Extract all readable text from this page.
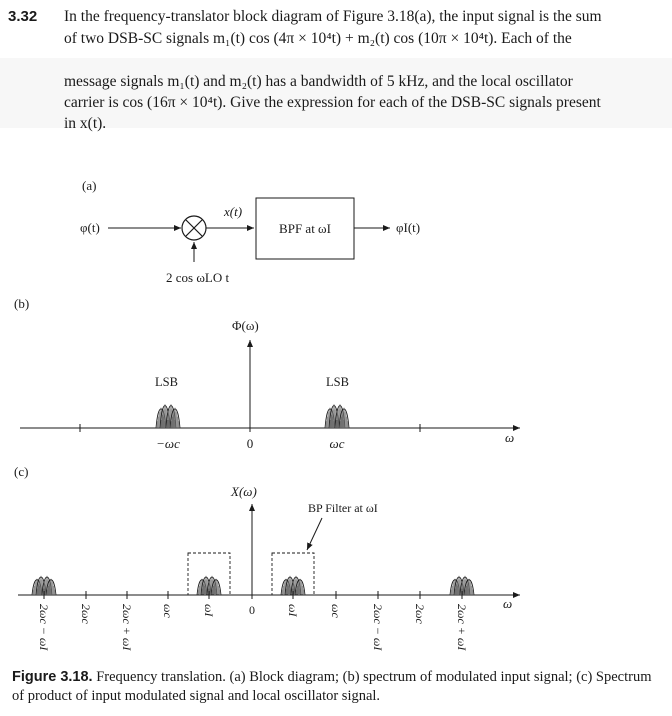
3.32 In the frequency-translator block diagram of Figure 3.18(a), the input signal is the sum
of two DSB-SC signals m₁(t) cos (4π × 10⁴t) + m₂(t) cos (10π × 10⁴t). Each of the
message signals m₁(t) and m₂(t) has a bandwidth of 5 kHz, and the local oscillator
carrier is cos (16π × 10⁴t). Give the expression for each of the DSB-SC signals present
in x(t).
(a)
φ(t)
x(t)
BPF at ωI	φI(t)
2 cos ωLO t
(b)
Φ(ω)
LSB	LSB
−ωc	0	ωc	ω
(c)
X(ω)
BP Filter at ωI
ω
2ωc − ωI 2ωc 2ωc + ωI ωc ωI	0	ωI ωc 2ωc − ωI 2ωc 2ωc + ωI
Figure 3.18. Frequency translation. (a) Block diagram; (b) spectrum of modulated input signal; (c) Spectrum of product of input modulated signal and local oscillator signal.
